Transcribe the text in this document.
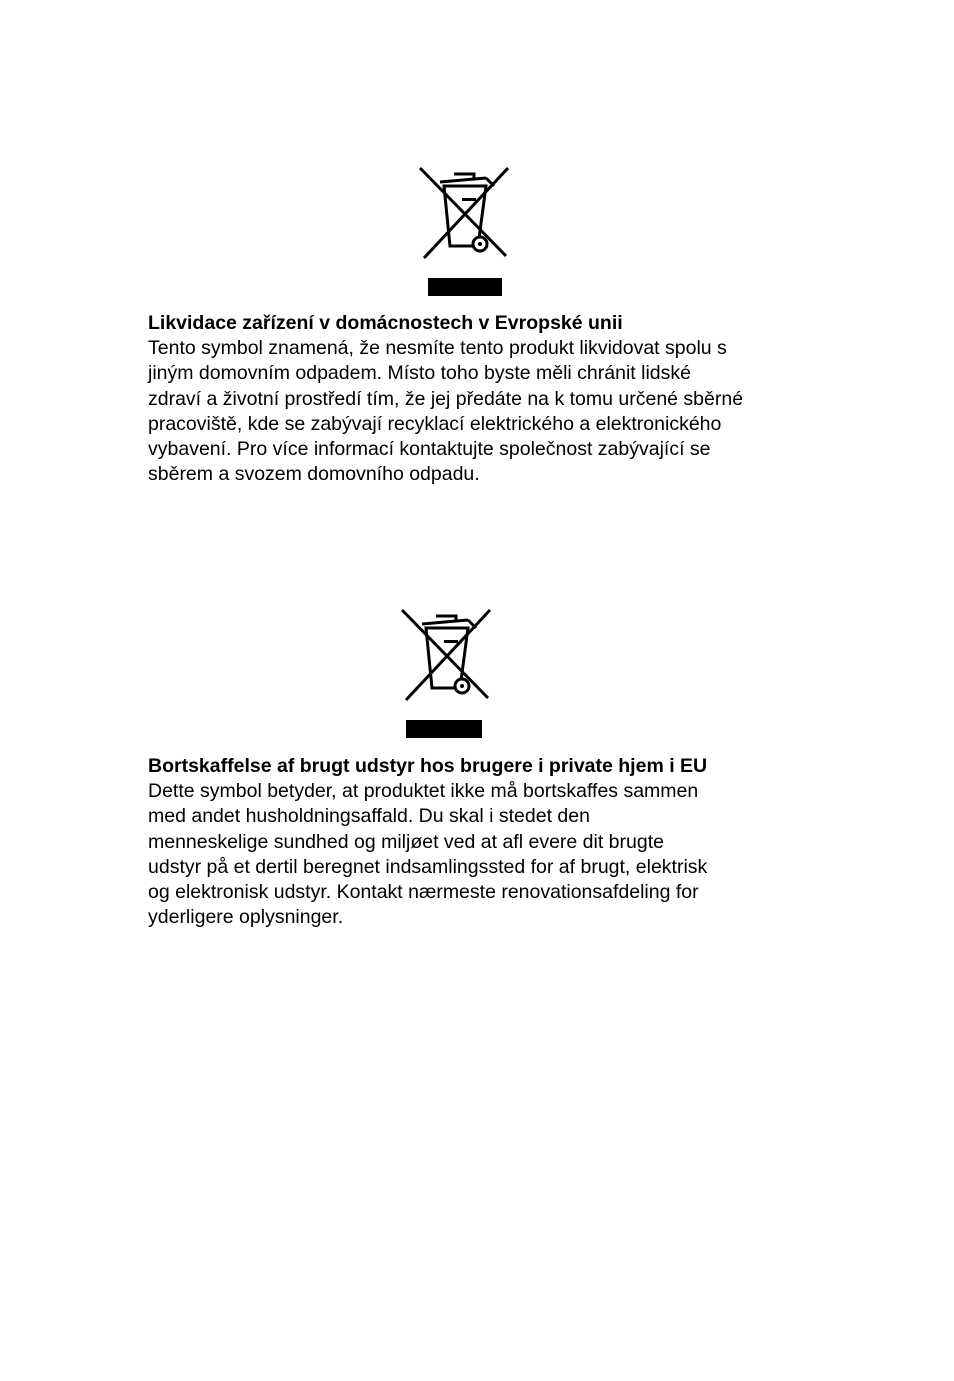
Likvidace zařízení v domácnostech v Evropské unii

Tento symbol znamená, že nesmíte tento produkt likvidovat spolu s

jiným domovním odpadem. Místo toho byste měli chránit lidské

zdraví a životní prostředí tím, že jej předáte na k tomu určené sběrné

pracoviště, kde se zabývají recyklací elektrického a elektronického

vybavení. Pro více informací kontaktujte společnost zabývající se

sběrem a svozem domovního odpadu.

Bortskaffelse af brugt udstyr hos brugere i private hjem i EU

Dette symbol betyder, at produktet ikke må bortskaffes sammen

med andet husholdningsaffald. Du skal i stedet den

menneskelige sundhed og miljøet ved at afl evere dit brugte

udstyr på et dertil beregnet indsamlingssted for af brugt, elektrisk

og elektronisk udstyr. Kontakt nærmeste renovationsafdeling for

yderligere oplysninger.
